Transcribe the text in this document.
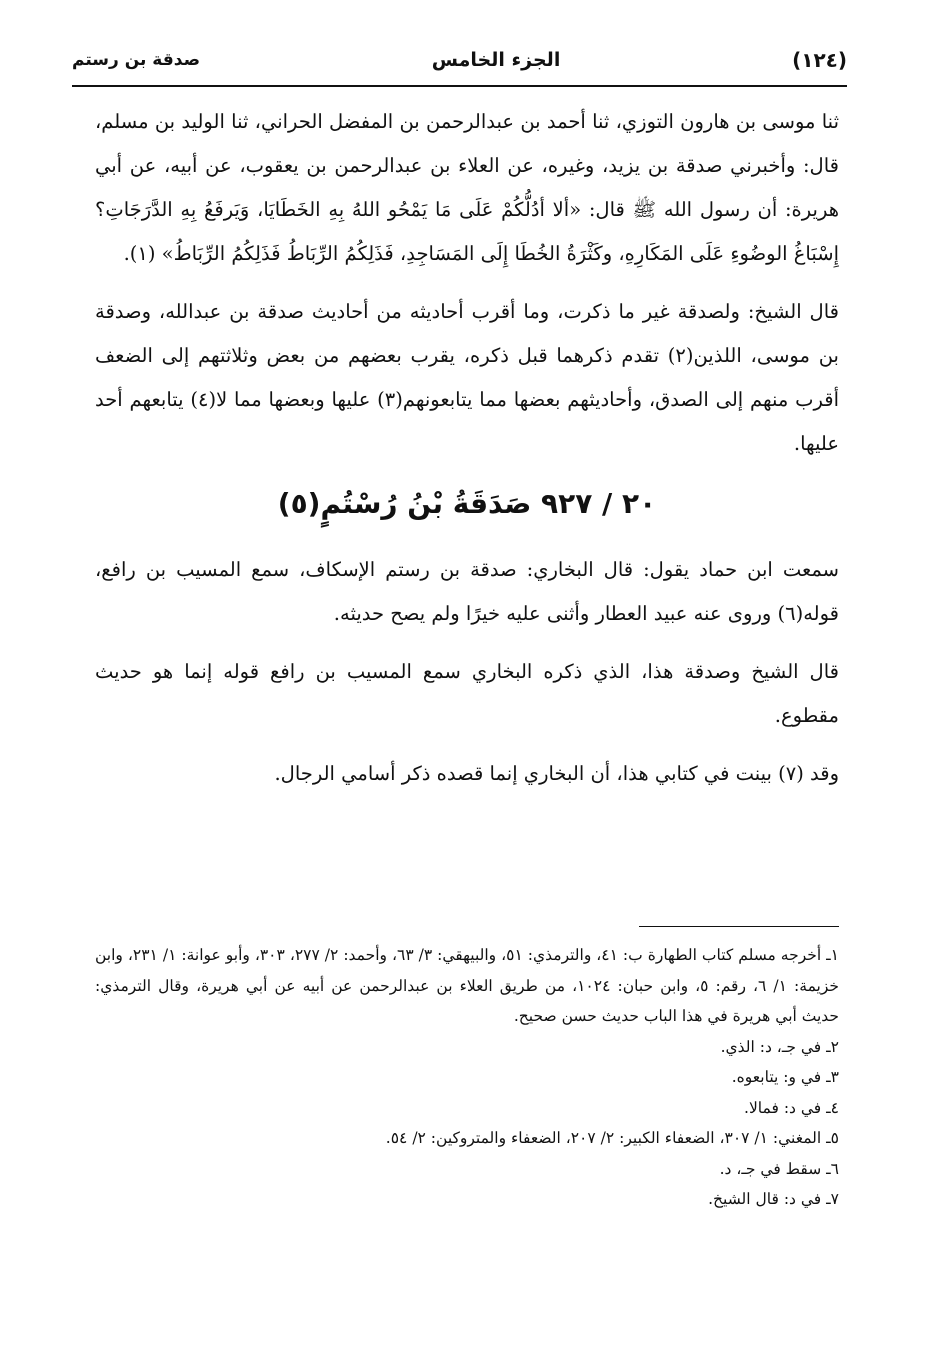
(١٢٤)
الجزء الخامس
صدقة بن رستم

ثنا موسى بن هارون التوزي، ثنا أحمد بن عبدالرحمن بن المفضل الحراني، ثنا الوليد بن مسلم، قال: وأخبرني صدقة بن يزيد، وغيره، عن العلاء بن عبدالرحمن بن يعقوب، عن أبيه، عن أبي هريرة: أن رسول الله ﷺ قال: «ألا أدُلُّكُمْ عَلَى مَا يَمْحُو اللهُ بِهِ الخَطَايَا، وَيَرفَعُ بِهِ الدَّرَجَاتِ؟ إِسْبَاغُ الوضُوءِ عَلَى المَكَارِهِ، وكَثْرَةُ الخُطَا إِلَى المَسَاجِدِ، فَذَلِكُمُ الرِّبَاطُ فَذَلِكُمُ الرِّبَاطُ» (١).

قال الشيخ: ولصدقة غير ما ذكرت، وما أقرب أحاديثه من أحاديث صدقة بن عبدالله، وصدقة بن موسى، اللذين(٢) تقدم ذكرهما قبل ذكره، يقرب بعضهم من بعض وثلاثتهم إلى الضعف أقرب منهم إلى الصدق، وأحاديثهم بعضها مما يتابعونهم(٣) عليها وبعضها مما لا(٤) يتابعهم أحد عليها.

٢٠ / ٩٢٧ صَدَقَةُ بْنُ رُسْتُمٍ(٥)

سمعت ابن حماد يقول: قال البخاري: صدقة بن رستم الإسكاف، سمع المسيب بن رافع، قوله(٦) وروى عنه عبيد العطار وأثنى عليه خيرًا ولم يصح حديثه.

قال الشيخ وصدقة هذا، الذي ذكره البخاري سمع المسيب بن رافع قوله إنما هو حديث مقطوع.

وقد (٧) بينت في كتابي هذا، أن البخاري إنما قصده ذكر أسامي الرجال.

١ـ أخرجه مسلم كتاب الطهارة ب: ٤١، والترمذي: ٥١، والبيهقي: ٣/ ٦٣، وأحمد: ٢/ ٢٧٧، ٣٠٣، وأبو عوانة: ١/ ٢٣١، وابن خزيمة: ١/ ٦، رقم: ٥، وابن حبان: ١٠٢٤، من طريق العلاء بن عبدالرحمن عن أبيه عن أبي هريرة، وقال الترمذي: حديث أبي هريرة في هذا الباب حديث حسن صحيح.

٢ـ في جـ، د: الذي.

٣ـ في و: يتابعوه.

٤ـ في د: فمالا.

٥ـ المغني: ١/ ٣٠٧، الضعفاء الكبير: ٢/ ٢٠٧، الضعفاء والمتروكين: ٢/ ٥٤.

٦ـ سقط في جـ، د.

٧ـ في د: قال الشيخ.
